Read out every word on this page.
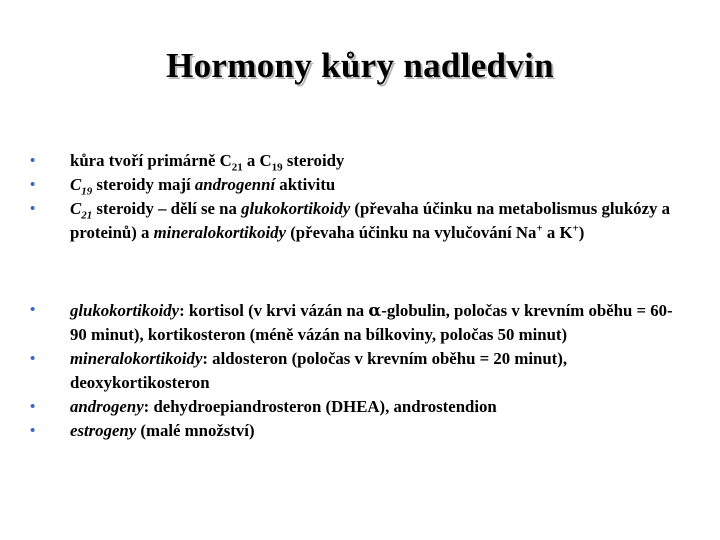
Hormony kůry nadledvin
•	kůra tvoří primárně $C_{21}$ a $C_{19}$ steroidy
•	$C_{19}$ steroidy mají androgenní aktivitu
•	$C_{21}$ steroidy – dělí se na glukokortikoidy (převaha účinku na metabolismus glukózy a proteinů) a mineralokortikoidy (převaha účinku na vylučování Na+ a K+)
•	glukokortikoidy: kortisol (v krvi vázán na α-globulin, poločas v krevním oběhu = 60-90 minut), kortikosteron (méně vázán na bílkoviny, poločas 50 minut)
•	mineralokortikoidy: aldosteron (poločas v krevním oběhu = 20 minut), deoxykortikosteron
•	androgeny: dehydroepiandrosteron (DHEA), androstendion
•	estrogeny (malé množství)
